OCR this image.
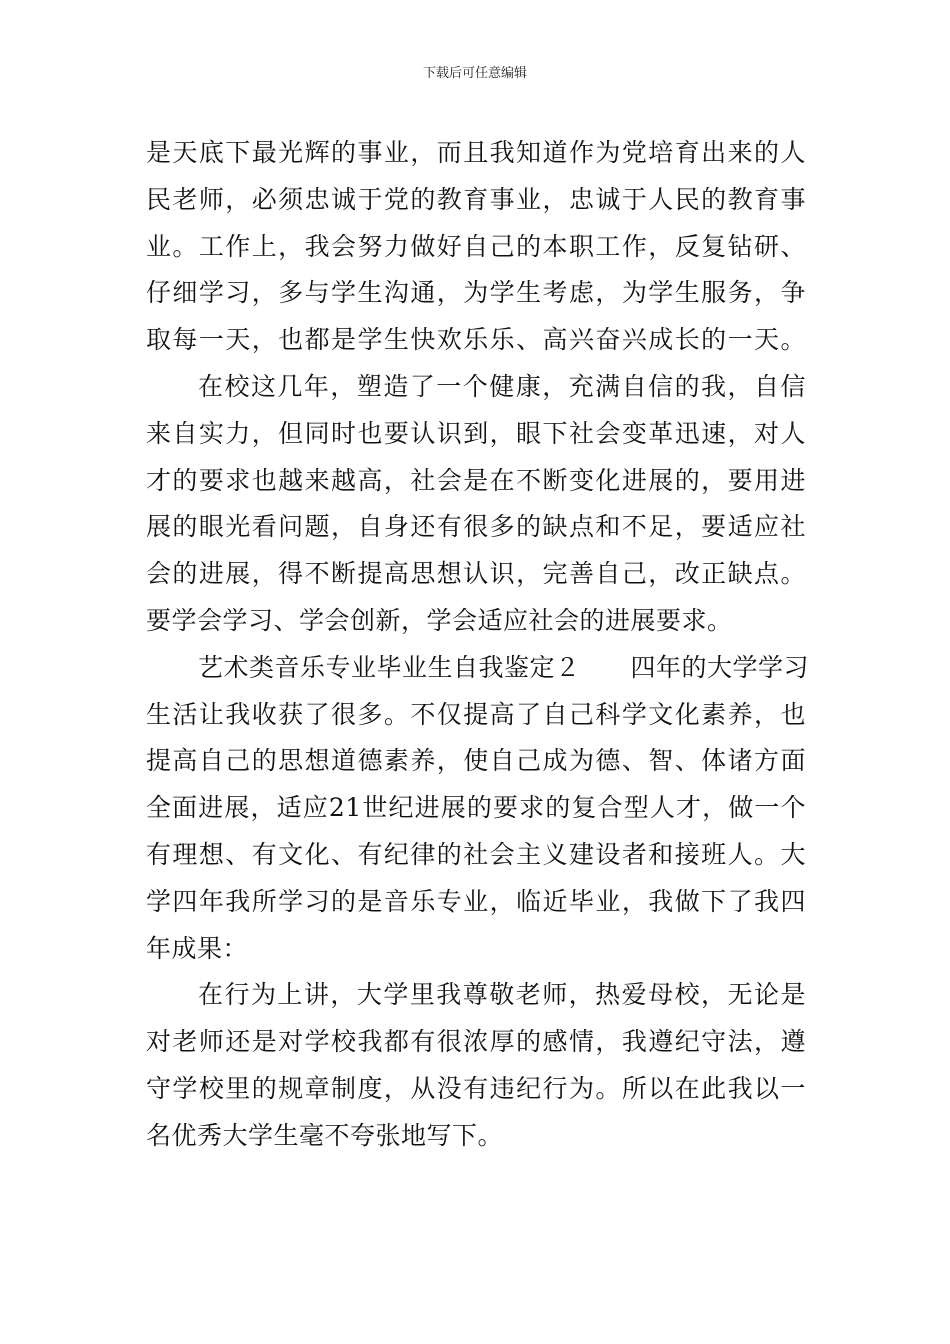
下载后可任意编辑
是天底下最光辉的事业，而且我知道作为党培育出来的人
民老师，必须忠诚于党的教育事业，忠诚于人民的教育事
业。工作上，我会努力做好自己的本职工作，反复钻研、
仔细学习，多与学生沟通，为学生考虑，为学生服务，争
取每一天，也都是学生快欢乐乐、高兴奋兴成长的一天。
在校这几年，塑造了一个健康，充满自信的我，自信
来自实力，但同时也要认识到，眼下社会变革迅速，对人
才的要求也越来越高，社会是在不断变化进展的，要用进
展的眼光看问题，自身还有很多的缺点和不足，要适应社
会的进展，得不断提高思想认识，完善自己，改正缺点。
要学会学习、学会创新，学会适应社会的进展要求。
艺术类音乐专业毕业生自我鉴定２ 四年的大学学习
生活让我收获了很多。不仅提高了自己科学文化素养，也
提高自己的思想道德素养，使自己成为德、智、体诸方面
全面进展，适应21世纪进展的要求的复合型人才，做一个
有理想、有文化、有纪律的社会主义建设者和接班人。大
学四年我所学习的是音乐专业，临近毕业，我做下了我四
年成果：
在行为上讲，大学里我尊敬老师，热爱母校，无论是
对老师还是对学校我都有很浓厚的感情，我遵纪守法，遵
守学校里的规章制度，从没有违纪行为。所以在此我以一
名优秀大学生毫不夸张地写下。
